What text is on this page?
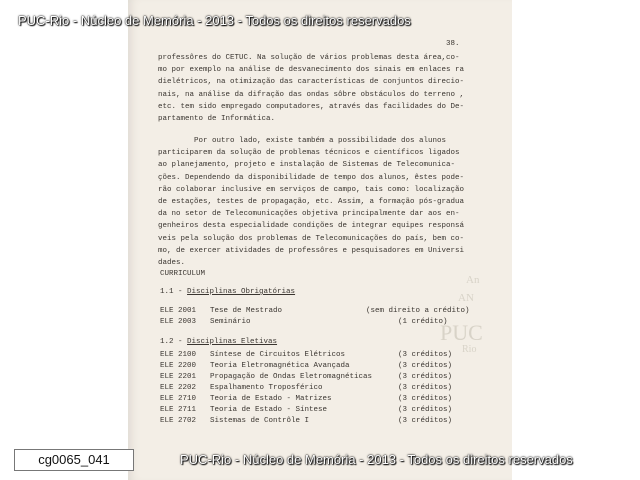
An
AN
PUC
Rio
PUC-Rio - Núcleo de Memória - 2013 - Todos os direitos reservados
PUC-Rio - Núcleo de Memória - 2013 - Todos os direitos reservados
cg0065_041
38.
professôres do CETUC. Na solução de vários problemas desta área,co-
mo por exemplo na análise de desvanecimento dos sinais em enlaces ra
dielétricos, na otimização das características de conjuntos direcio-
nais, na análise da difração das ondas sôbre obstáculos do terreno ,
etc. tem sido empregado computadores, através das facilidades do De-
partamento de Informática.
Por outro lado, existe também a possibilidade dos alunos
participarem da solução de problemas técnicos e científicos ligados
ao planejamento, projeto e instalação de Sistemas de Telecomunica-
ções. Dependendo da disponibilidade de tempo dos alunos, êstes pode-
rão colaborar inclusive em serviços de campo, tais como: localização
de estações, testes de propagação, etc. Assim, a formação pós-gradua
da no setor de Telecomunicações objetiva principalmente dar aos en-
genheiros desta especialidade condições de integrar equipes responsá
veis pela solução dos problemas de Telecomunicações do país, bem co-
mo, de exercer atividades de professôres e pesquisadores em Universi
dades.
CURRICULUM
1.1 - Disciplinas Obrigatórias
ELE 2001 Tese de Mestrado	(sem direito a crédito)
ELE 2003 Seminário	(1 crédito)
1.2 - Disciplinas Eletivas
ELE 2100 Síntese de Circuitos Elétricos	(3 créditos)
ELE 2200 Teoria Eletromagnética Avançada	(3 créditos)
ELE 2201 Propagação de Ondas Eletromagnéticas	(3 créditos)
ELE 2202 Espalhamento Troposférico	(3 créditos)
ELE 2710 Teoria de Estado - Matrizes	(3 créditos)
ELE 2711 Teoria de Estado - Síntese	(3 créditos)
ELE 2702 Sistemas de Contrôle I	(3 créditos)
